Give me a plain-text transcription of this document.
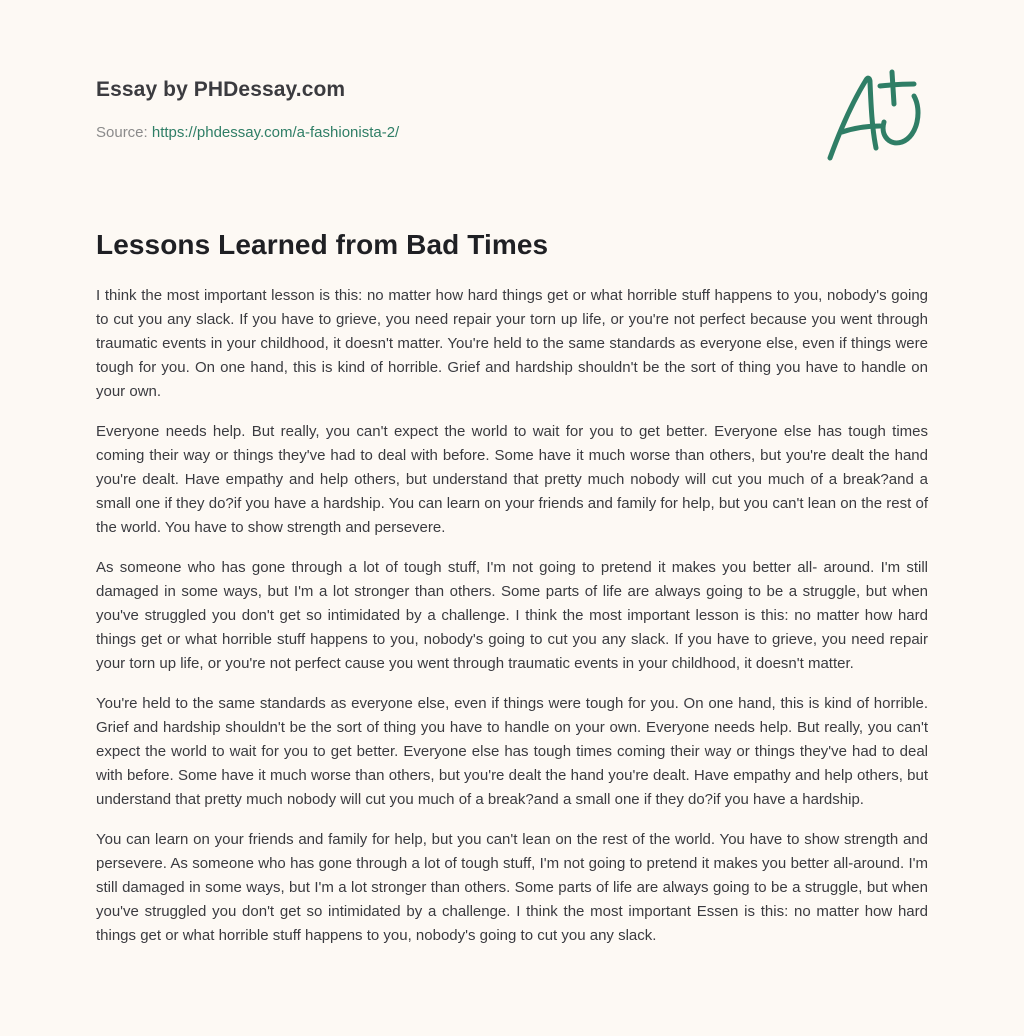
Essay by PHDessay.com
Source: https://phdessay.com/a-fashionista-2/
Lessons Learned from Bad Times

I think the most important lesson is this: no matter how hard things get or what horrible stuff happens to you, nobody's going to cut you any slack. If you have to grieve, you need repair your torn up life, or you're not perfect because you went through traumatic events in your childhood, it doesn't matter. You're held to the same standards as everyone else, even if things were tough for you. On one hand, this is kind of horrible. Grief and hardship shouldn't be the sort of thing you have to handle on your own.

Everyone needs help. But really, you can't expect the world to wait for you to get better. Everyone else has tough times coming their way or things they've had to deal with before. Some have it much worse than others, but you're dealt the hand you're dealt. Have empathy and help others, but understand that pretty much nobody will cut you much of a break?and a small one if they do?if you have a hardship. You can learn on your friends and family for help, but you can't lean on the rest of the world. You have to show strength and persevere.

As someone who has gone through a lot of tough stuff, I'm not going to pretend it makes you better all- around. I'm still damaged in some ways, but I'm a lot stronger than others. Some parts of life are always going to be a struggle, but when you've struggled you don't get so intimidated by a challenge. I think the most important lesson is this: no matter how hard things get or what horrible stuff happens to you, nobody's going to cut you any slack. If you have to grieve, you need repair your torn up life, or you're not perfect cause you went through traumatic events in your childhood, it doesn't matter.

You're held to the same standards as everyone else, even if things were tough for you. On one hand, this is kind of horrible. Grief and hardship shouldn't be the sort of thing you have to handle on your own. Everyone needs help. But really, you can't expect the world to wait for you to get better. Everyone else has tough times coming their way or things they've had to deal with before. Some have it much worse than others, but you're dealt the hand you're dealt. Have empathy and help others, but understand that pretty much nobody will cut you much of a break?and a small one if they do?if you have a hardship.

You can learn on your friends and family for help, but you can't lean on the rest of the world. You have to show strength and persevere. As someone who has gone through a lot of tough stuff, I'm not going to pretend it makes you better all-around. I'm still damaged in some ways, but I'm a lot stronger than others. Some parts of life are always going to be a struggle, but when you've struggled you don't get so intimidated by a challenge. I think the most important Essen is this: no matter how hard things get or what horrible stuff happens to you, nobody's going to cut you any slack.
